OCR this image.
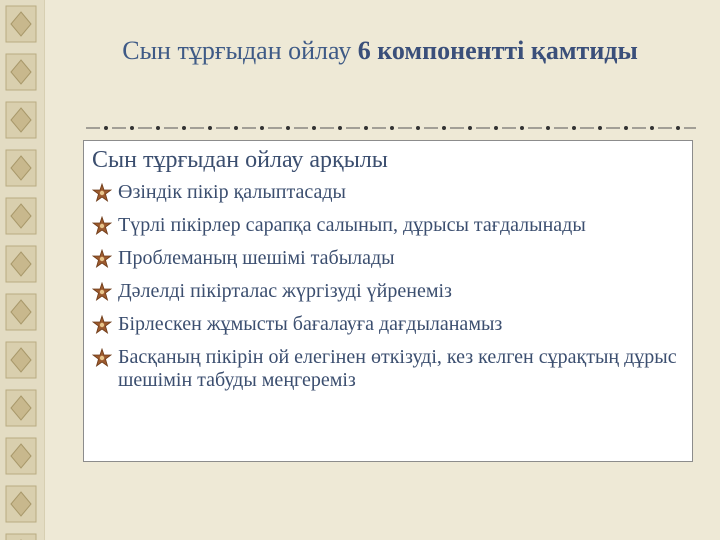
Сын тұрғыдан ойлау 6 компоненттi қамтиды
Сын тұрғыдан ойлау арқылы
Өзiндiк пiкiр қалыптасады
Түрлi пiкiрлер сарапқа салынып, дұрысы тағдалынады
Проблеманың шешiмi табылады
Дәлелдi пiкiрталас жүргiзудi үйренемiз
Бiрлескен жұмысты бағалауға дағдыланамыз
Басқаның пiкiрiн ой елегiнен өткiзудi, кез келген сұрақтың дұрыс шешiмiн табуды меңгеремiз
